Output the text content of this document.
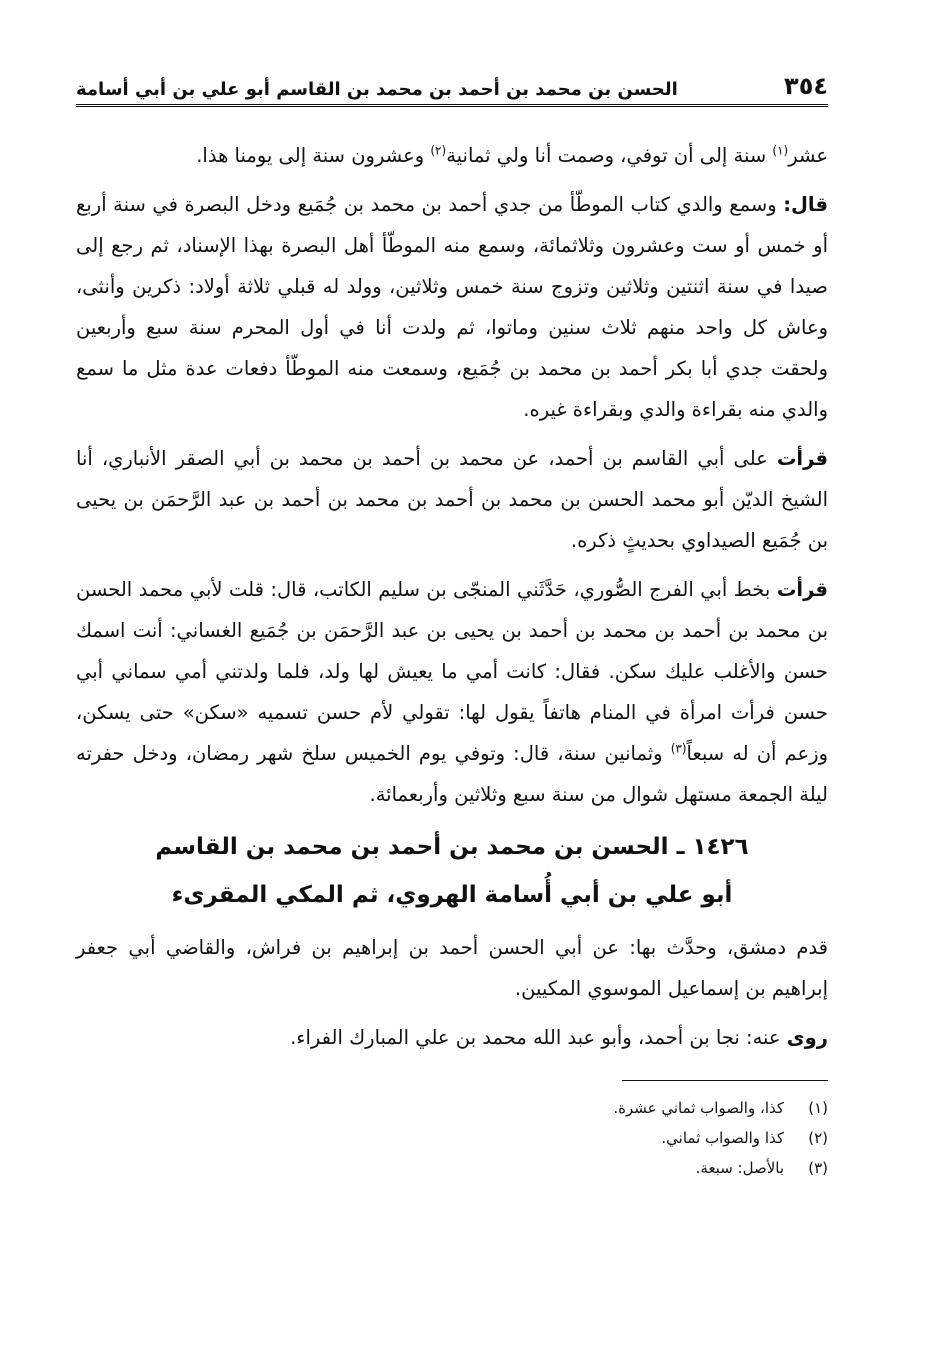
٣٥٤
الحسن بن محمد بن أحمد بن محمد بن القاسم أبو علي بن أبي أسامة

عشر$^{(١)}$ سنة إلى أن توفي، وصمت أنا ولي ثمانية$^{(٢)}$ وعشرون سنة إلى يومنا هذا.

قال: وسمع والدي كتاب الموطّأ من جدي أحمد بن محمد بن جُمَيع ودخل البصرة في سنة أربع أو خمس أو ست وعشرون وثلاثمائة، وسمع منه الموطّأ أهل البصرة بهذا الإسناد، ثم رجع إلى صيدا في سنة اثنتين وثلاثين وتزوج سنة خمس وثلاثين، وولد له قبلي ثلاثة أولاد: ذكرين وأنثى، وعاش كل واحد منهم ثلاث سنين وماتوا، ثم ولدت أنا في أول المحرم سنة سبع وأربعين ولحقت جدي أبا بكر أحمد بن محمد بن جُمَيع، وسمعت منه الموطّأ دفعات عدة مثل ما سمع والدي منه بقراءة والدي وبقراءة غيره.

قرأت على أبي القاسم بن أحمد، عن محمد بن أحمد بن محمد بن أبي الصقر الأنباري، أنا الشيخ الديّن أبو محمد الحسن بن محمد بن أحمد بن محمد بن أحمد بن عبد الرَّحمَن بن يحيى بن جُمَيع الصيداوي بحديثٍ ذكره.

قرأت بخط أبي الفرج الصُّوري، حَدَّثَني المنجّى بن سليم الكاتب، قال: قلت لأبي محمد الحسن بن محمد بن أحمد بن محمد بن أحمد بن يحيى بن عبد الرَّحمَن بن جُمَيع الغساني: أنت اسمك حسن والأغلب عليك سكن. فقال: كانت أمي ما يعيش لها ولد، فلما ولدتني أمي سماني أبي حسن فرأت امرأة في المنام هاتفاً يقول لها: تقولي لأم حسن تسميه «سكن» حتى يسكن، وزعم أن له سبعاً$^{(٣)}$ وثمانين سنة، قال: وتوفي يوم الخميس سلخ شهر رمضان، ودخل حفرته ليلة الجمعة مستهل شوال من سنة سبع وثلاثين وأربعمائة.

١٤٢٦ ـ الحسن بن محمد بن أحمد بن محمد بن القاسم
أبو علي بن أبي أُسامة الهروي، ثم المكي المقرىء

قدم دمشق، وحدَّث بها: عن أبي الحسن أحمد بن إبراهيم بن فراش، والقاضي أبي جعفر إبراهيم بن إسماعيل الموسوي المكيين.

روى عنه: نجا بن أحمد، وأبو عبد الله محمد بن علي المبارك الفراء.

(١)
كذا، والصواب ثماني عشرة.
(٢)
كذا والصواب ثماني.
(٣)
بالأصل: سبعة.
